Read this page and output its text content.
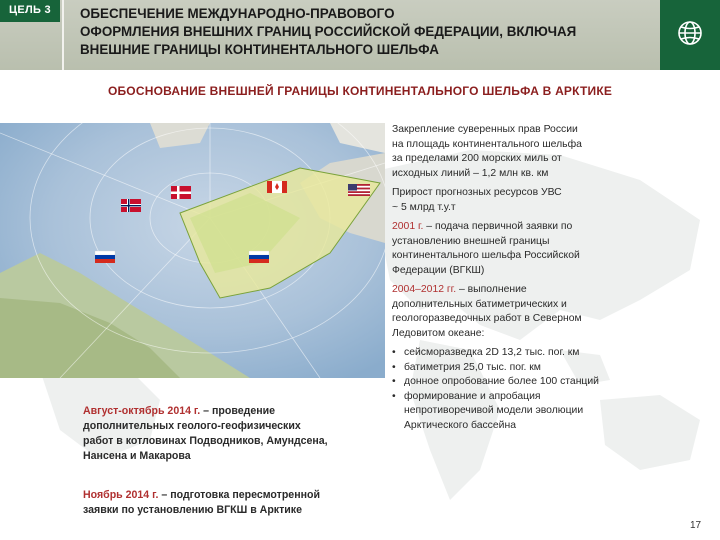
ЦЕЛЬ 3	ОБЕСПЕЧЕНИЕ МЕЖДУНАРОДНО-ПРАВОВОГО
ОФОРМЛЕНИЯ ВНЕШНИХ ГРАНИЦ РОССИЙСКОЙ ФЕДЕРАЦИИ, ВКЛЮЧАЯ
ВНЕШНИЕ ГРАНИЦЫ КОНТИНЕНТАЛЬНОГО ШЕЛЬФА
ОБОСНОВАНИЕ ВНЕШНЕЙ ГРАНИЦЫ КОНТИНЕНТАЛЬНОГО ШЕЛЬФА В АРКТИКЕ

Закрепление суверенных прав России
на площадь континентального шельфа
за пределами 200 морских миль от
исходных линий – 1,2 млн кв. км

Прирост прогнозных ресурсов УВС
~ 5 млрд т.у.т

2001 г. – подача первичной заявки по
установлению внешней границы
континентального шельфа Российской
Федерации (ВГКШ)

2004–2012 гг. – выполнение
дополнительных батиметрических и
геологоразведочных работ в Северном
Ледовитом океане:

• сейсморазведка 2D 13,2 тыс. пог. км
• батиметрия 25,0 тыс. пог. км
• донное опробование более 100 станций
• формирование и апробация непротиворечивой модели эволюции Арктического бассейна
Август-октябрь 2014 г. – проведение
дополнительных геолого-геофизических
работ в котловинах Подводников, Амундсена,
Нансена и Макарова
Ноябрь 2014 г. – подготовка пересмотренной
заявки по установлению ВГКШ в Арктике
17
